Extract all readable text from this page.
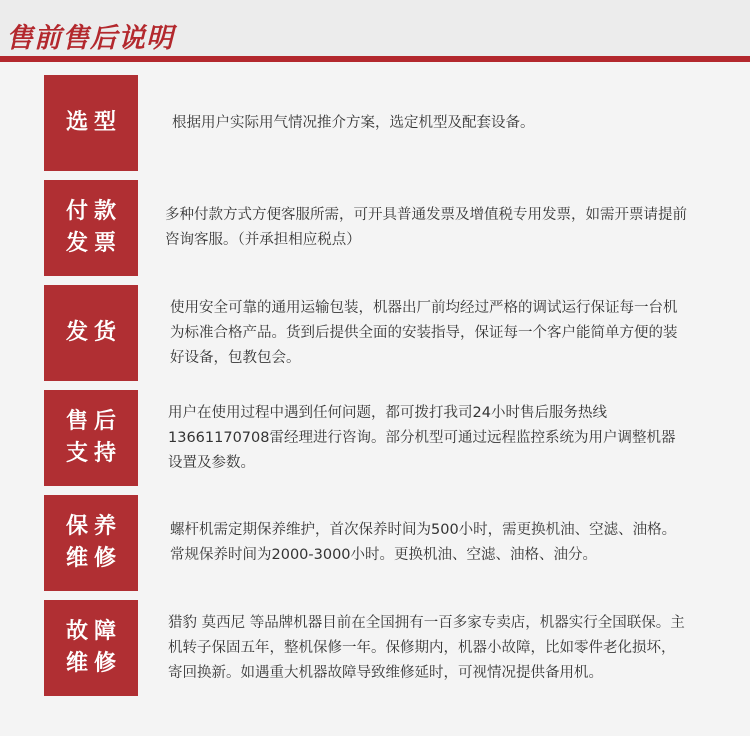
售前售后说明
选型	根据用户实际用气情况推介方案，选定机型及配套设备。

付款
发票

多种付款方式方便客服所需，可开具普通发票及增值税专用发票，如需开票请提前咨询客服。（并承担相应税点）

发货

使用安全可靠的通用运输包装，机器出厂前均经过严格的调试运行保证每一台机为标准合格产品。货到后提供全面的安装指导，保证每一个客户能简单方便的装好设备，包教包会。

售后
支持

用户在使用过程中遇到任何问题，都可拨打我司24小时售后服务热线13661170708雷经理进行咨询。部分机型可通过远程监控系统为用户调整机器设置及参数。

保养
维修

螺杆机需定期保养维护，首次保养时间为500小时，需更换机油、空滤、油格。常规保养时间为2000-3000小时。更换机油、空滤、油格、油分。

故障
维修

猎豹 莫西尼 等品牌机器目前在全国拥有一百多家专卖店，机器实行全国联保。主机转子保固五年，整机保修一年。保修期内，机器小故障，比如零件老化损坏，寄回换新。如遇重大机器故障导致维修延时，可视情况提供备用机。
